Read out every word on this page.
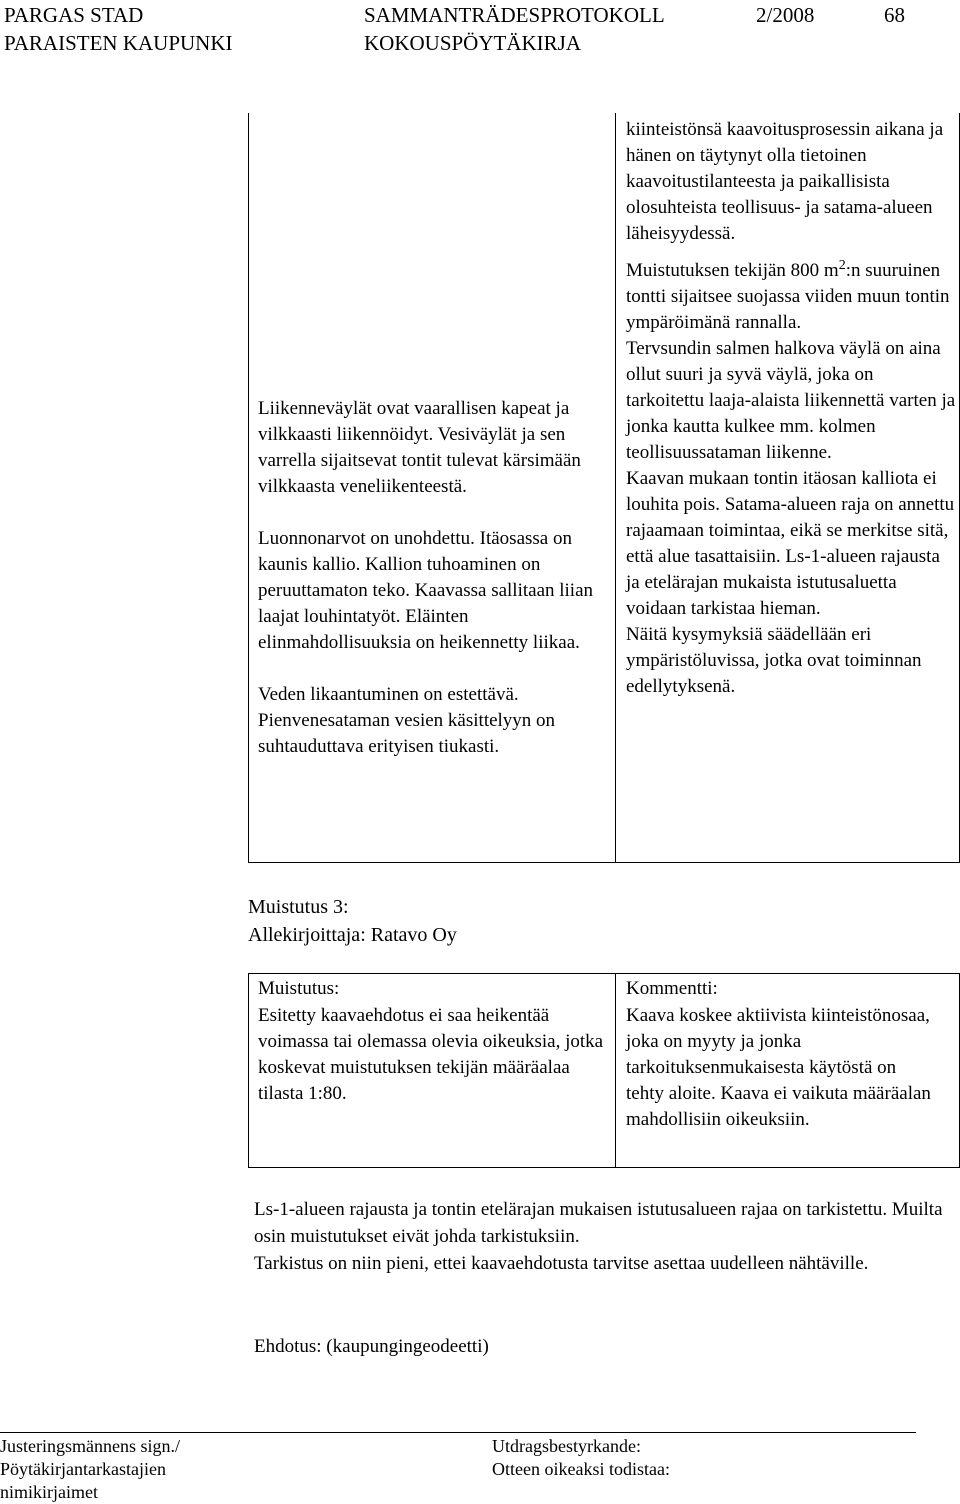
PARGAS STAD
PARAISTEN KAUPUNKI
SAMMANTRÄDESPROTOKOLL
KOKOUSPÖYTÄKIRJA
2/2008	68

Liikenneväylät ovat vaarallisen kapeat ja vilkkaasti liikennöidyt. Vesiväylät ja sen varrella sijaitsevat tontit tulevat kärsimään vilkkaasta veneliikenteestä.

Luonnonarvot on unohdettu. Itäosassa on kaunis kallio. Kallion tuhoaminen on peruuttamaton teko. Kaavassa sallitaan liian laajat louhintatyöt. Eläinten elinmahdollisuuksia on heikennetty liikaa.

Veden likaantuminen on estettävä. Pienvenesataman vesien käsittelyyn on suhtauduttava erityisen tiukasti.

kiinteistönsä kaavoitusprosessin aikana ja hänen on täytynyt olla tietoinen kaavoitustilanteesta ja paikallisista olosuhteista teollisuus- ja satama-alueen läheisyydessä.

Muistutuksen tekijän 800 $m^2:n$ suuruinen tontti sijaitsee suojassa viiden muun tontin ympäröimänä rannalla.

Tervsundin salmen halkova väylä on aina ollut suuri ja syvä väylä, joka on tarkoitettu laaja-alaista liikennettä varten ja jonka kautta kulkee mm. kolmen teollisuussataman liikenne.

Kaavan mukaan tontin itäosan kalliota ei louhita pois. Satama-alueen raja on annettu rajaamaan toimintaa, eikä se merkitse sitä, että alue tasattaisiin. Ls-1-alueen rajausta ja etelärajan mukaista istutusaluetta voidaan tarkistaa hieman.

Näitä kysymyksiä säädellään eri ympäristöluvissa, jotka ovat toiminnan edellytyksenä.

Muistutus 3:
Allekirjoittaja: Ratavo Oy

Muistutus:

Esitetty kaavaehdotus ei saa heikentää voimassa tai olemassa olevia oikeuksia, jotka koskevat muistutuksen tekijän määräalaa tilasta 1:80.

Kommentti:

Kaava koskee aktiivista kiinteistönosaa, joka on myyty ja jonka tarkoituksenmukaisesta käytöstä on tehty aloite. Kaava ei vaikuta määräalan mahdollisiin oikeuksiin.

Ls-1-alueen rajausta ja tontin etelärajan mukaisen istutusalueen rajaa on tarkistettu. Muilta osin muistutukset eivät johda tarkistuksiin.

Tarkistus on niin pieni, ettei kaavaehdotusta tarvitse asettaa uudelleen nähtäville.

Ehdotus: (kaupungingeodeetti)
Justeringsmännens sign./
Pöytäkirjantarkastajien
nimikirjaimet
Utdragsbestyrkande:
Otteen oikeaksi todistaa:
